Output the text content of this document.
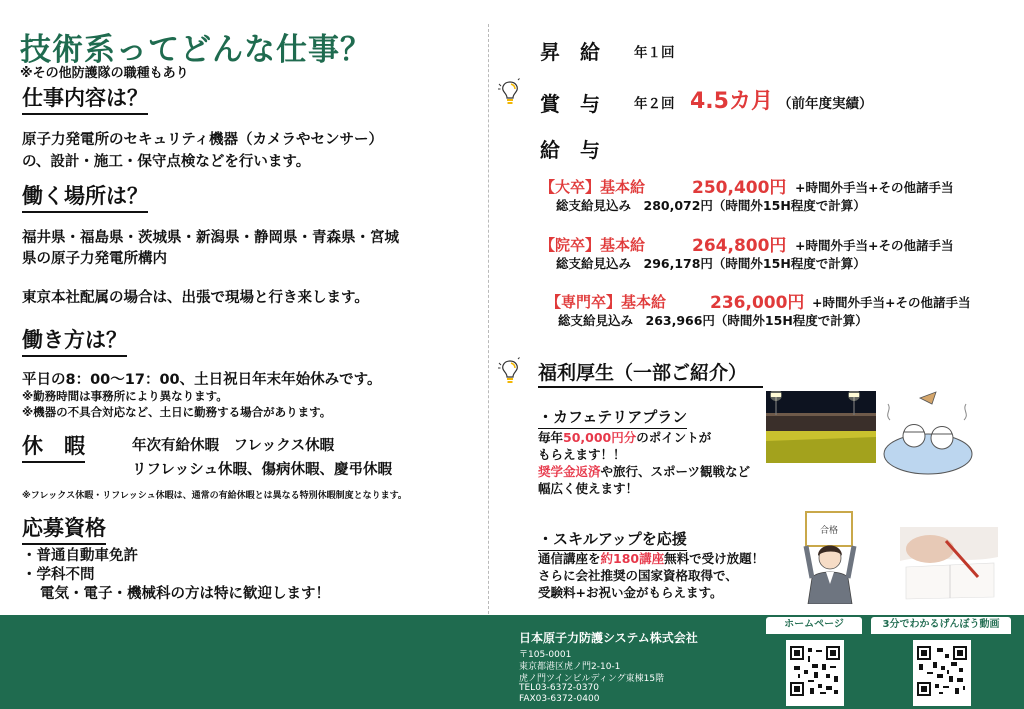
技術系ってどんな仕事？
※その他防護隊の職種もあり
仕事内容は？
原子力発電所のセキュリティ機器（カメラやセンサー）
の、設計・施工・保守点検などを行います。
働く場所は？
福井県・福島県・茨城県・新潟県・静岡県・青森県・宮城
県の原子力発電所構内
東京本社配属の場合は、出張で現場と行き来します。
働き方は？
平日の8：00～17：00、土日祝日年末年始休みです。
※勤務時間は事務所により異なります。
※機器の不具合対応など、土日に勤務する場合があります。
休　暇	年次有給休暇　フレックス休暇
リフレッシュ休暇、傷病休暇、慶弔休暇
※フレックス休暇・リフレッシュ休暇は、通常の有給休暇とは異なる特別休暇制度となります。
応募資格
・普通自動車免許
・学科不問
電気・電子・機械科の方は特に歓迎します！
昇　給	年１回
賞　与	年２回 4.5カ月 （前年度実績）
給　与
【大卒】基本給	250,400円 +時間外手当+その他諸手当
総支給見込み　280,072円（時間外15H程度で計算）
【院卒】基本給	264,800円 +時間外手当+その他諸手当
総支給見込み　296,178円（時間外15H程度で計算）
【専門卒】基本給	236,000円 +時間外手当+その他諸手当
総支給見込み　263,966円（時間外15H程度で計算）
福利厚生（一部ご紹介）
・カフェテリアプラン
毎年50,000円分のポイントが
もらえます！！
奨学金返済や旅行、スポーツ観戦など
幅広く使えます！
・スキルアップを応援
通信講座を約180講座無料で受け放題！
さらに会社推奨の国家資格取得で、
受験料+お祝い金がもらえます。
合格
日本原子力防護システム株式会社
〒105-0001
東京都港区虎ノ門2-10-1
虎ノ門ツインビルディング東棟15階
TEL03-6372-0370
FAX03-6372-0400
ホームページ	3分でわかるげんぼう動画
